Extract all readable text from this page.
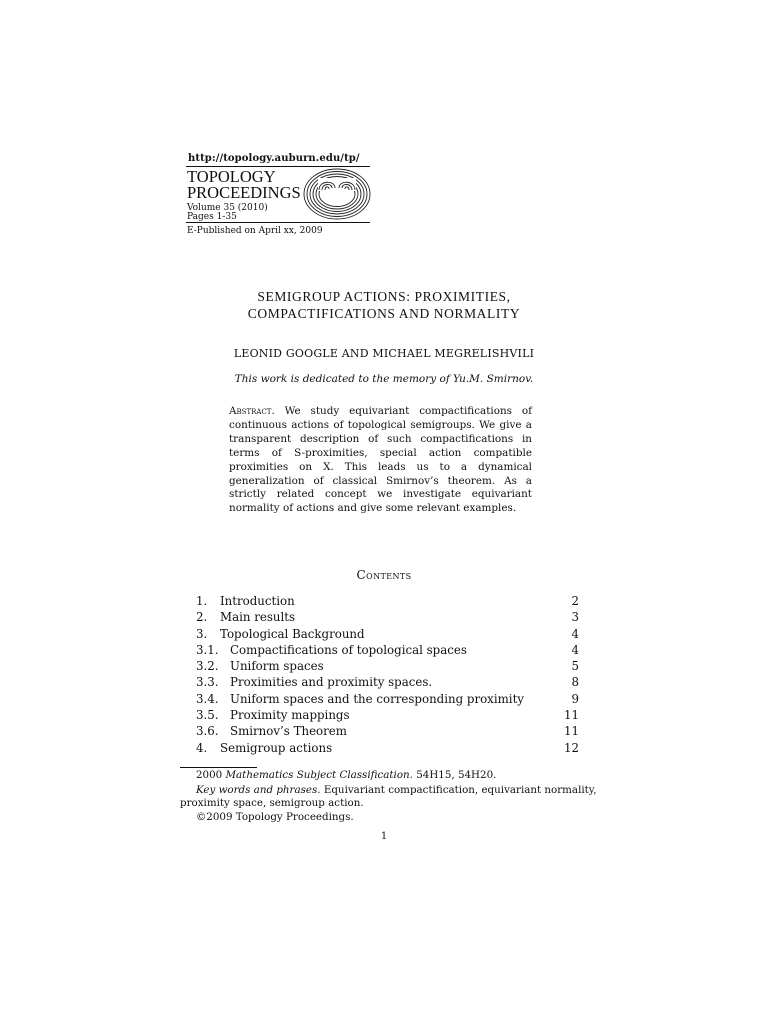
http://topology.auburn.edu/tp/
TOPOLOGY
PROCEEDINGS
Volume 35 (2010)
Pages 1-35
E-Published on April xx, 2009
SEMIGROUP ACTIONS: PROXIMITIES,
COMPACTIFICATIONS AND NORMALITY
LEONID GOOGLE AND MICHAEL MEGRELISHVILI
This work is dedicated to the memory of Yu.M. Smirnov.
Abstract. We study equivariant compactifications of continuous actions of topological semigroups. We give a transparent description of such compactifications in terms of S-proximities, special action compatible proximities on X. This leads us to a dynamical generalization of classical Smirnov’s theorem. As a strictly related concept we investigate equivariant normality of actions and give some relevant examples.
Contents
1. Introduction	2
2. Main results	3
3. Topological Background	4
3.1. Compactifications of topological spaces	4
3.2. Uniform spaces	5
3.3. Proximities and proximity spaces.	8
3.4. Uniform spaces and the corresponding proximity	9
3.5. Proximity mappings	11
3.6. Smirnov’s Theorem	11
4. Semigroup actions	12
2000 Mathematics Subject Classification. 54H15, 54H20.
Key words and phrases. Equivariant compactification, equivariant normality,
proximity space, semigroup action.
©2009 Topology Proceedings.
1
